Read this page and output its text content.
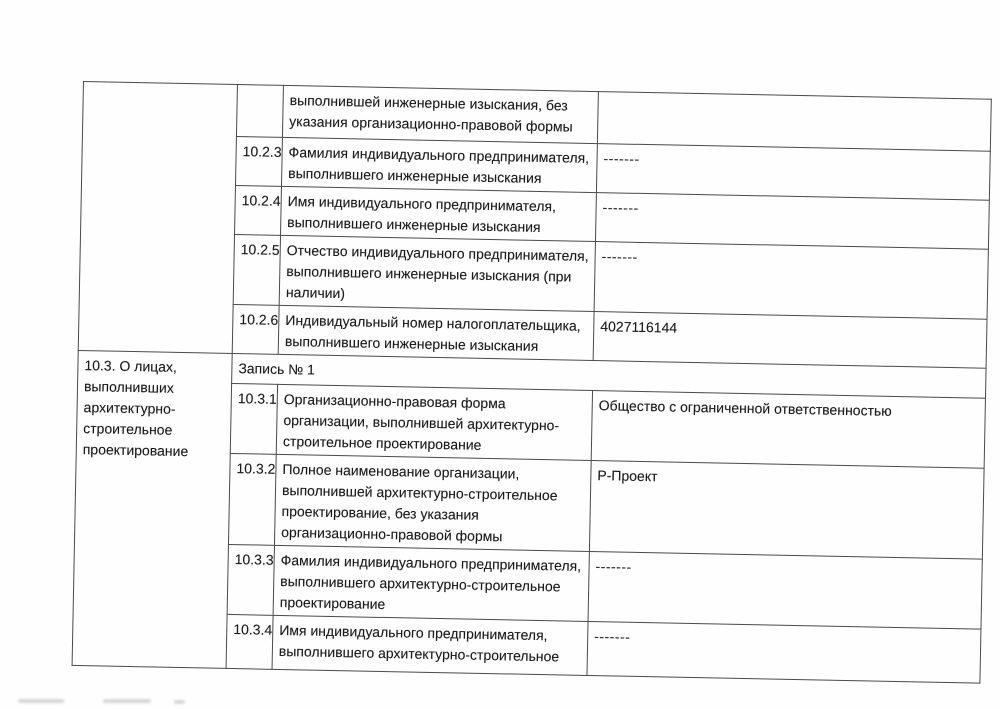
		выполнившей инженерные изыскания, без указания организационно-правовой формы	
	10.2.3	Фамилия индивидуального предпринимателя, выполнившего инженерные изыскания	-------
	10.2.4	Имя индивидуального предпринимателя, выполнившего инженерные изыскания	-------
	10.2.5	Отчество индивидуального предпринимателя, выполнившего инженерные изыскания (при наличии)	-------
	10.2.6	Индивидуальный номер налогоплательщика, выполнившего инженерные изыскания	4027116144
10.3. О лицах, выполнивших архитектурно-строительное проектирование	Запись № 1		
	10.3.1	Организационно-правовая форма организации, выполнившей архитектурно-строительное проектирование	Общество с ограниченной ответственностью
	10.3.2	Полное наименование организации, выполнившей архитектурно-строительное проектирование, без указания организационно-правовой формы	Р-Проект
	10.3.3	Фамилия индивидуального предпринимателя, выполнившего архитектурно-строительное проектирование	-------
	10.3.4	Имя индивидуального предпринимателя, выполнившего архитектурно-строительное	-------
